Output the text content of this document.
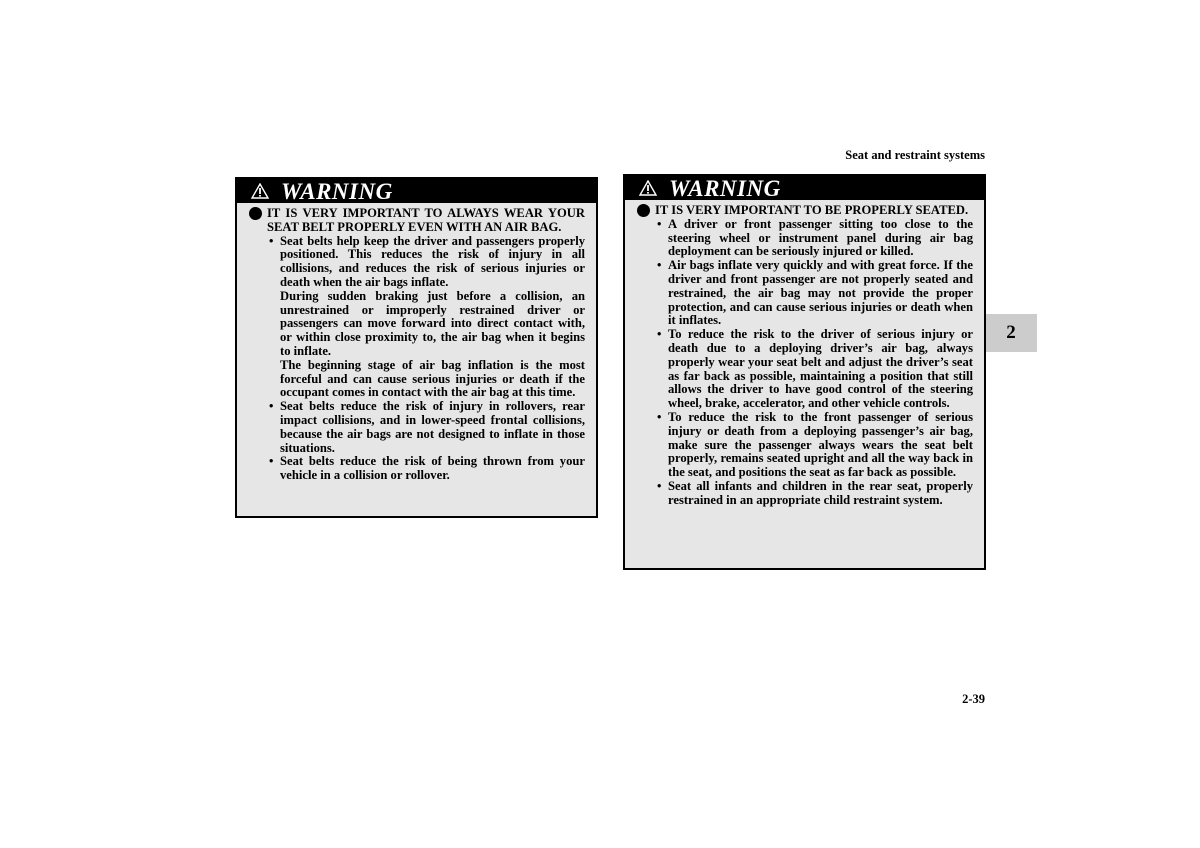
Seat and restraint systems
2
2-39
WARNING
IT IS VERY IMPORTANT TO ALWAYS WEAR YOUR SEAT BELT PROPERLY EVEN WITH AN AIR BAG.
• Seat belts help keep the driver and passengers properly positioned. This reduces the risk of injury in all collisions, and reduces the risk of serious injuries or death when the air bags inflate.

During sudden braking just before a collision, an unrestrained or improperly restrained driver or passengers can move forward into direct contact with, or within close proximity to, the air bag when it begins to inflate.

The beginning stage of air bag inflation is the most forceful and can cause serious injuries or death if the occupant comes in contact with the air bag at this time.

• Seat belts reduce the risk of injury in rollovers, rear impact collisions, and in lower-speed frontal collisions, because the air bags are not designed to inflate in those situations.

• Seat belts reduce the risk of being thrown from your vehicle in a collision or rollover.

WARNING
IT IS VERY IMPORTANT TO BE PROPERLY SEATED.
• A driver or front passenger sitting too close to the steering wheel or instrument panel during air bag deployment can be seriously injured or killed.

• Air bags inflate very quickly and with great force. If the driver and front passenger are not properly seated and restrained, the air bag may not provide the proper protection, and can cause serious injuries or death when it inflates.

• To reduce the risk to the driver of serious injury or death due to a deploying driver’s air bag, always properly wear your seat belt and adjust the driver’s seat as far back as possible, maintaining a position that still allows the driver to have good control of the steering wheel, brake, accelerator, and other vehicle controls.

• To reduce the risk to the front passenger of serious injury or death from a deploying passenger’s air bag, make sure the passenger always wears the seat belt properly, remains seated upright and all the way back in the seat, and positions the seat as far back as possible.

• Seat all infants and children in the rear seat, properly restrained in an appropriate child restraint system.
